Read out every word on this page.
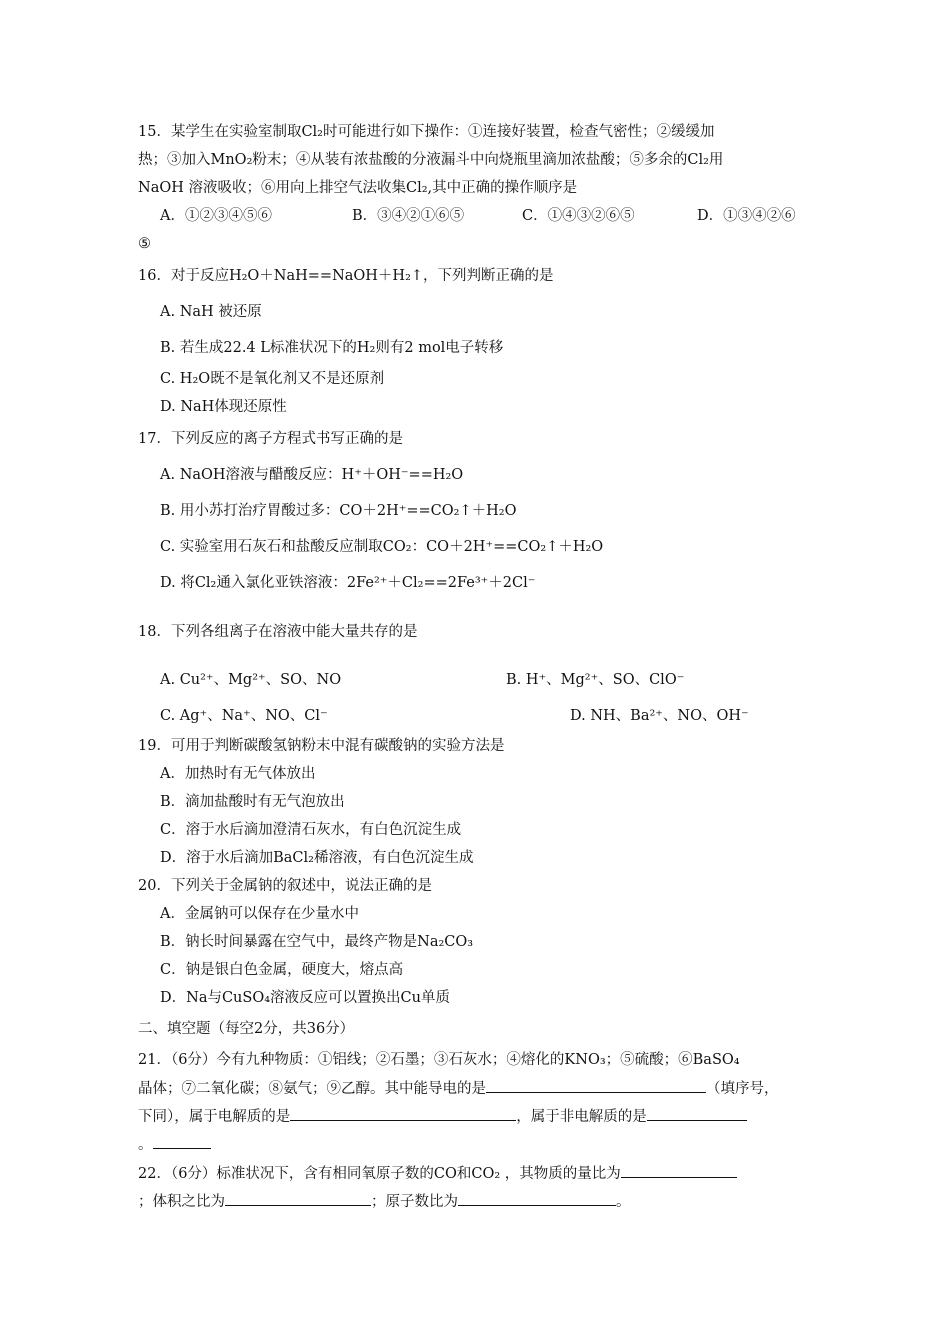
15．某学生在实验室制取Cl₂时可能进行如下操作：①连接好装置，检查气密性；②缓缓加
热；③加入MnO₂粉末；④从装有浓盐酸的分液漏斗中向烧瓶里滴加浓盐酸；⑤多余的Cl₂用
NaOH 溶液吸收；⑥用向上排空气法收集Cl₂,其中正确的操作顺序是
A．①②③④⑤⑥	B．③④②①⑥⑤	C．①④③②⑥⑤	D．①③④②⑥
⑤
16．对于反应H₂O＋NaH==NaOH＋H₂↑，下列判断正确的是
A. NaH 被还原
B. 若生成22.4 L标准状况下的H₂则有2 mol电子转移
C. H₂O既不是氧化剂又不是还原剂
D. NaH体现还原性
17．下列反应的离子方程式书写正确的是
A. NaOH溶液与醋酸反应：H⁺＋OH⁻==H₂O
B. 用小苏打治疗胃酸过多：CO＋2H⁺==CO₂↑＋H₂O
C. 实验室用石灰石和盐酸反应制取CO₂：CO＋2H⁺==CO₂↑＋H₂O
D. 将Cl₂通入氯化亚铁溶液：2Fe²⁺＋Cl₂==2Fe³⁺＋2Cl⁻
18．下列各组离子在溶液中能大量共存的是
A. Cu²⁺、Mg²⁺、SO、NO	B. H⁺、Mg²⁺、SO、ClO⁻
C. Ag⁺、Na⁺、NO、Cl⁻	D. NH、Ba²⁺、NO、OH⁻
19．可用于判断碳酸氢钠粉末中混有碳酸钠的实验方法是
A．加热时有无气体放出
B．滴加盐酸时有无气泡放出
C．溶于水后滴加澄清石灰水，有白色沉淀生成
D．溶于水后滴加BaCl₂稀溶液，有白色沉淀生成
20．下列关于金属钠的叙述中，说法正确的是
A．金属钠可以保存在少量水中
B．钠长时间暴露在空气中，最终产物是Na₂CO₃
C．钠是银白色金属，硬度大，熔点高
D．Na与CuSO₄溶液反应可以置换出Cu单质
二、填空题（每空2分，共36分）
21．（6分）今有九种物质：①铝线；②石墨；③石灰水；④熔化的KNO₃；⑤硫酸；⑥BaSO₄
晶体；⑦二氧化碳；⑧氨气；⑨乙醇。其中能导电的是	（填序号，
下同），属于电解质的是	，属于非电解质的是
。
22．（6分）标准状况下，含有相同氧原子数的CO和CO₂ ，其物质的量比为
；体积之比为	；原子数比为	。
